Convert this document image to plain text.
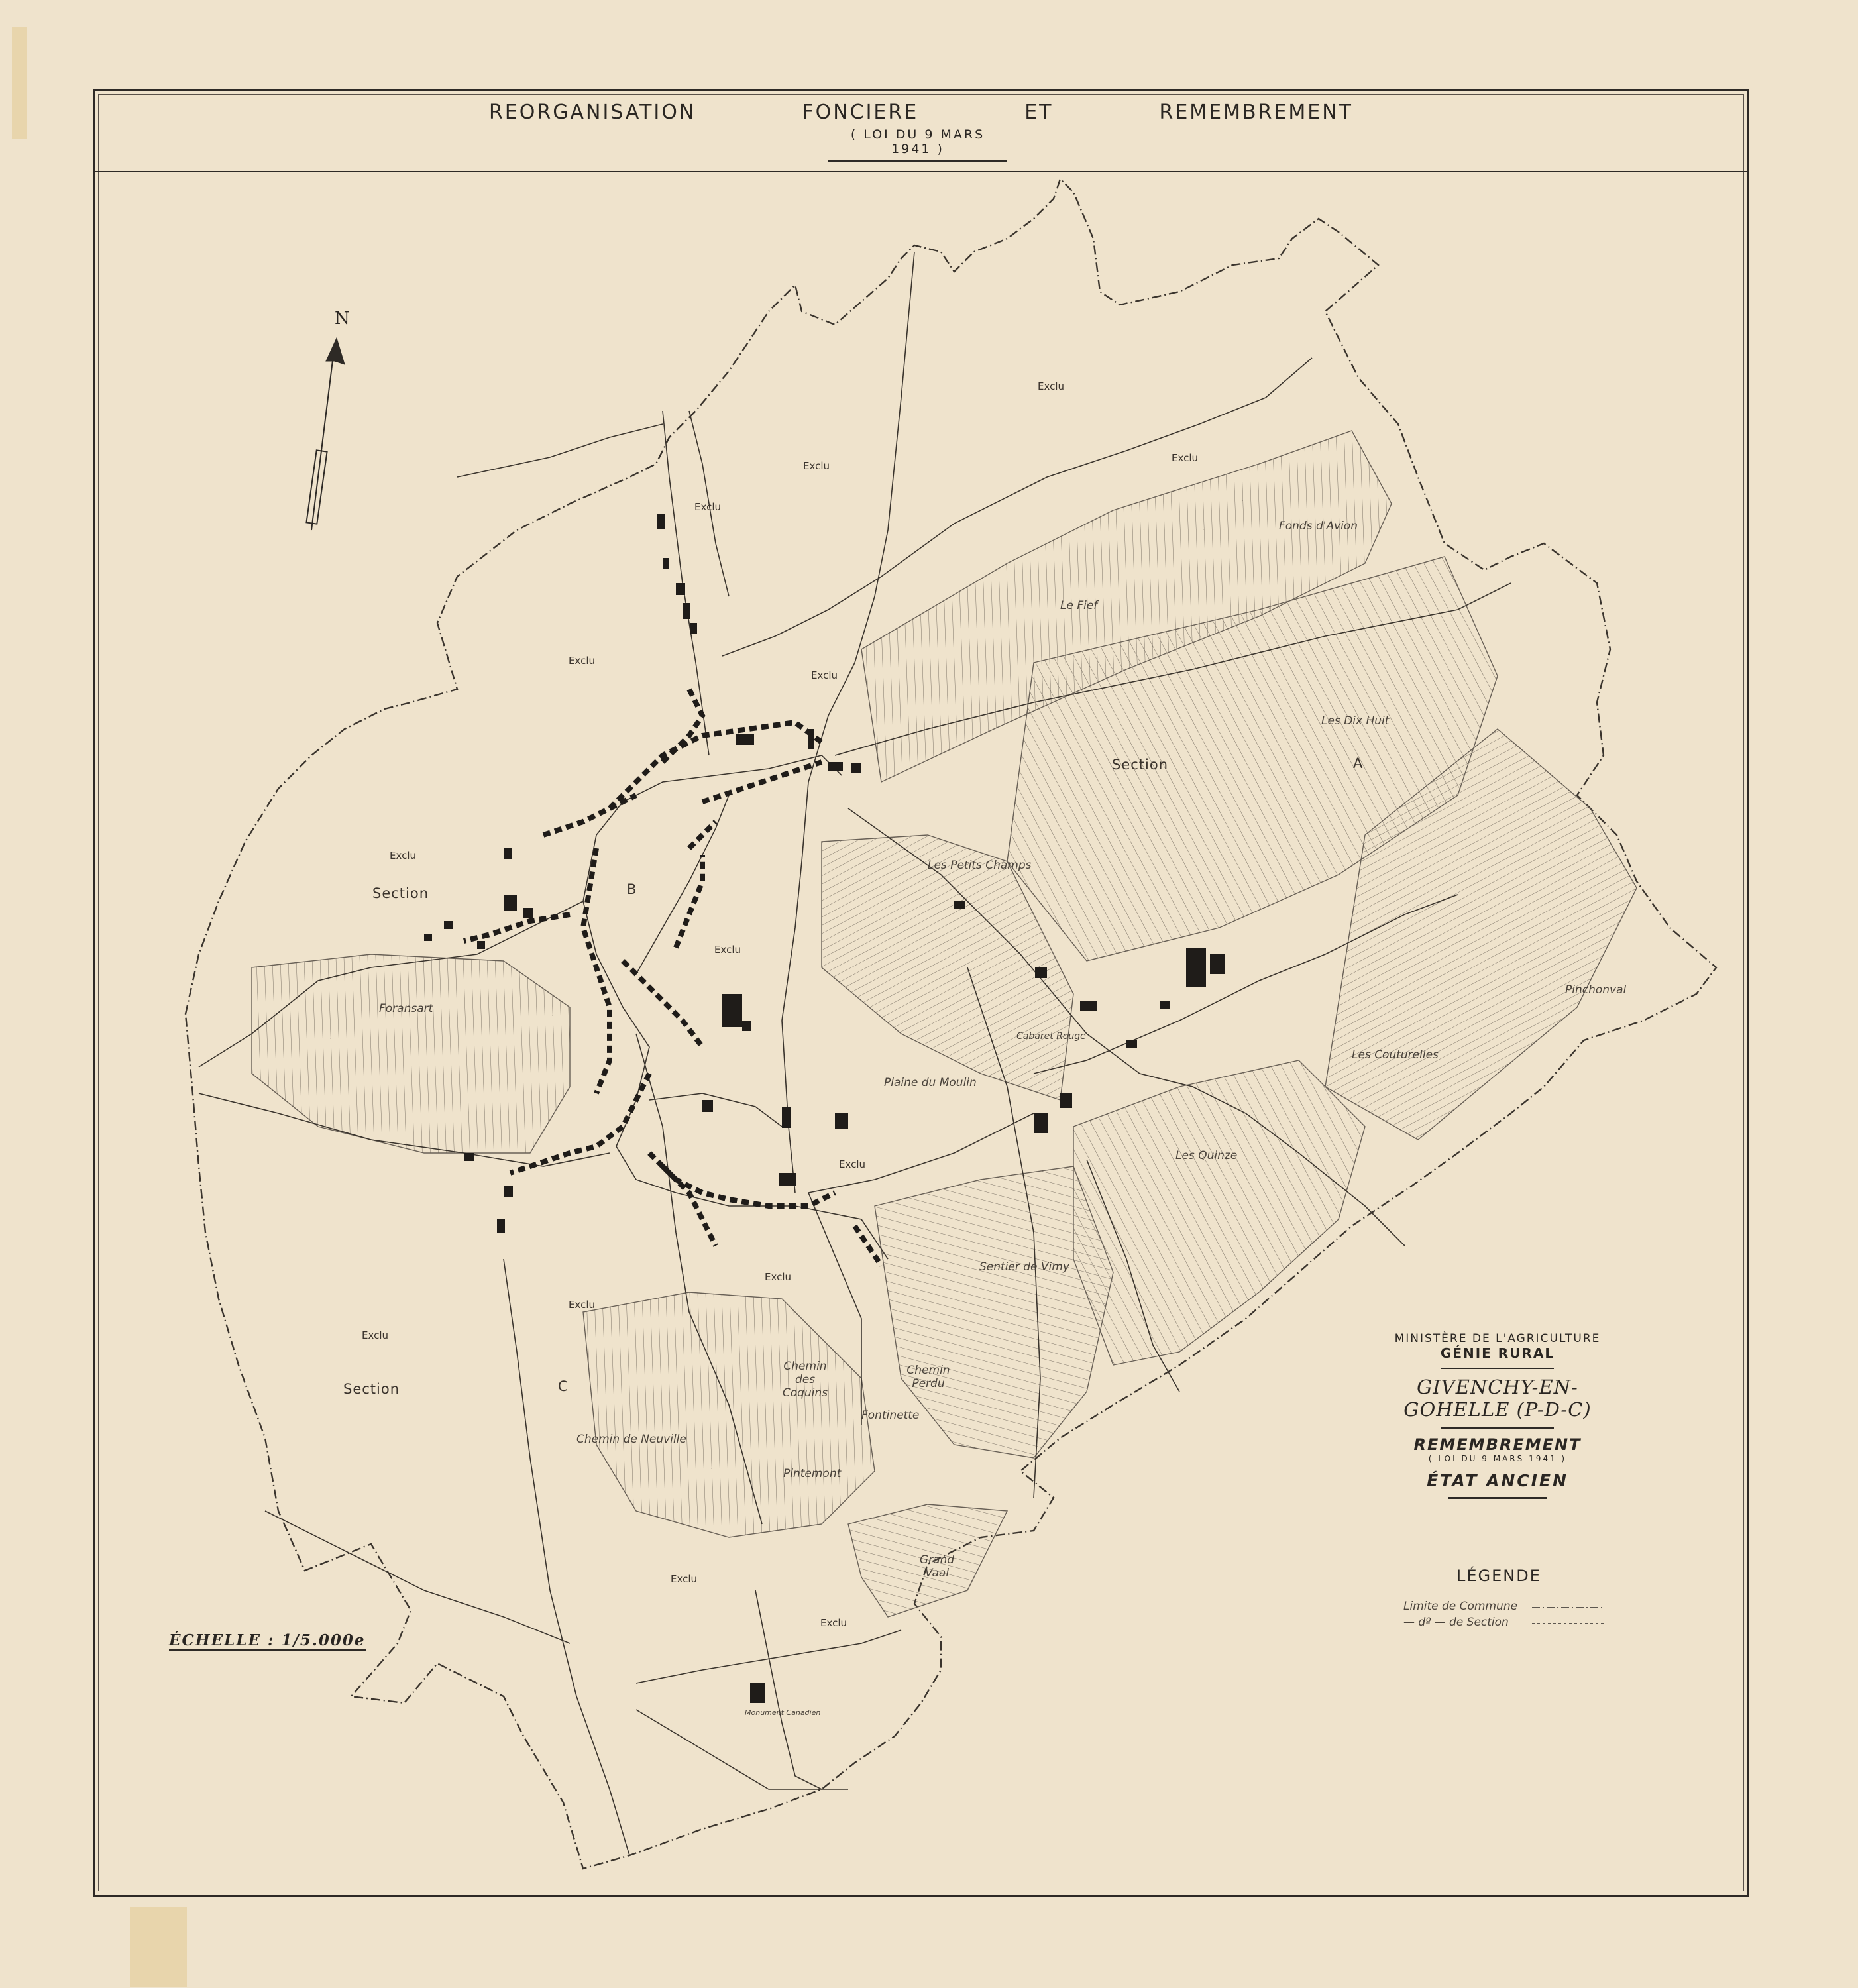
REORGANISATION	FONCIERE	ET	REMEMBREMENT
( LOI DU 9 MARS 1941 )
N
Exclu
Exclu
Exclu
Exclu
Exclu
Exclu
Exclu
Exclu
Exclu
Exclu
Exclu
Exclu
Exclu
Exclu
Section	A
Section	B
Section	C
Fonds d'Avion
Le Fief
Les Dix Huit
Les Petits Champs
Pinchonval
Les Couturelles
Foransart
Cabaret Rouge
Plaine du Moulin
Les Quinze
Sentier de Vimy
Chemin des Coquins
Chemin Perdu
Fontinette
Chemin de Neuville
Pintemont
Grand Vaal
Monument Canadien
MINISTÈRE DE L'AGRICULTURE
GÉNIE RURAL
GIVENCHY-EN-GOHELLE (P-D-C)
REMEMBREMENT
( LOI DU 9 MARS 1941 )
ÉTAT ANCIEN
LÉGENDE
Limite de Commune
— dº — de Section
ÉCHELLE : 1/5.000e
